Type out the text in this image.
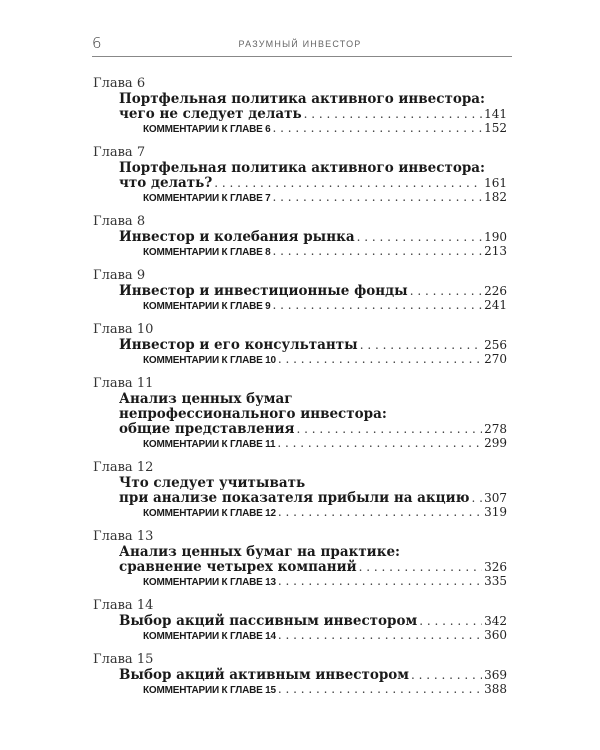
6	РАЗУМНЫЙ ИНВЕСТОР
Глава 6
Портфельная политика активного инвестора:
чего не следует делать . . .	141
КОММЕНТАРИИ К ГЛАВЕ 6 . . .	152
Глава 7
Портфельная политика активного инвестора:
что делать? . . .	161
КОММЕНТАРИИ К ГЛАВЕ 7 . . .	182
Глава 8
Инвестор и колебания рынка . . .	190
КОММЕНТАРИИ К ГЛАВЕ 8 . . .	213
Глава 9
Инвестор и инвестиционные фонды . . .	226
КОММЕНТАРИИ К ГЛАВЕ 9 . . .	241
Глава 10
Инвестор и его консультанты . . .	256
КОММЕНТАРИИ К ГЛАВЕ 10 . . .	270
Глава 11
Анализ ценных бумаг
непрофессионального инвестора:
общие представления . . .	278
КОММЕНТАРИИ К ГЛАВЕ 11 . . .	299
Глава 12
Что следует учитывать
при анализе показателя прибыли на акцию . . . 307
КОММЕНТАРИИ К ГЛАВЕ 12 . . .	319
Глава 13
Анализ ценных бумаг на практике:
сравнение четырех компаний . . .	326
КОММЕНТАРИИ К ГЛАВЕ 13 . . .	335
Глава 14
Выбор акций пассивным инвестором . . .	342
КОММЕНТАРИИ К ГЛАВЕ 14 . . .	360
Глава 15
Выбор акций активным инвестором . . .	369
КОММЕНТАРИИ К ГЛАВЕ 15 . . .	388
